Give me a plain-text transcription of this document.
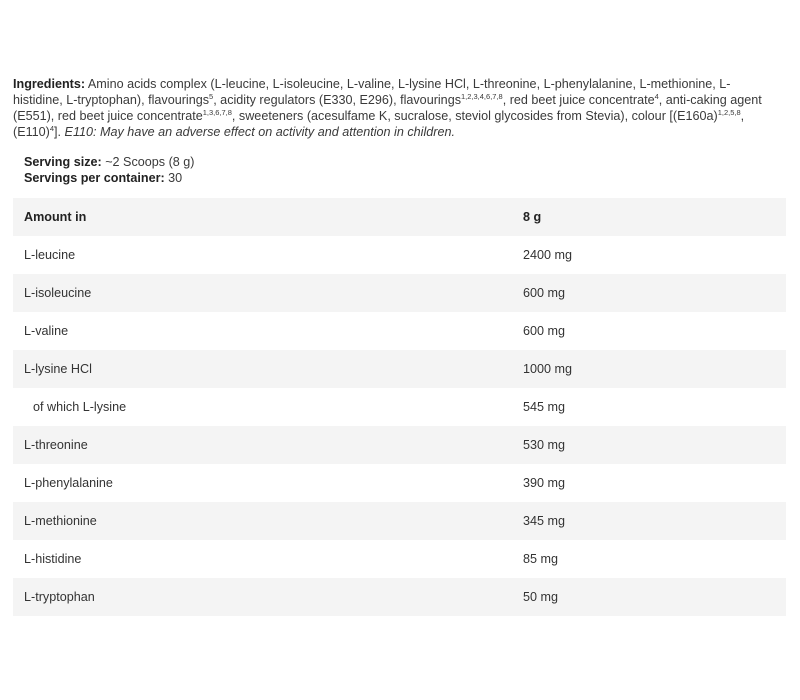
Ingredients: Amino acids complex (L-leucine, L-isoleucine, L-valine, L-lysine HCl, L-threonine, L-phenylalanine, L-methionine, L-histidine, L-tryptophan), flavourings$^5$, acidity regulators (E330, E296), flavourings$^{1,2,3,4,6,7,8}$, red beet juice concentrate$^4$, anti-caking agent (E551), red beet juice concentrate$^{1,3,6,7,8}$, sweeteners (acesulfame K, sucralose, steviol glycosides from Stevia), colour [$(E160a)^{1,2,5,8}$, $(E110)^4$]. E110: May have an adverse effect on activity and attention in children.
Serving size: ~2 Scoops (8 g)
Servings per container: 30
Amount in	8 g
L-leucine	2400 mg
L-isoleucine	600 mg
L-valine	600 mg
L-lysine HCl	1000 mg
of which L-lysine	545 mg
L-threonine	530 mg
L-phenylalanine	390 mg
L-methionine	345 mg
L-histidine	85 mg
L-tryptophan	50 mg
